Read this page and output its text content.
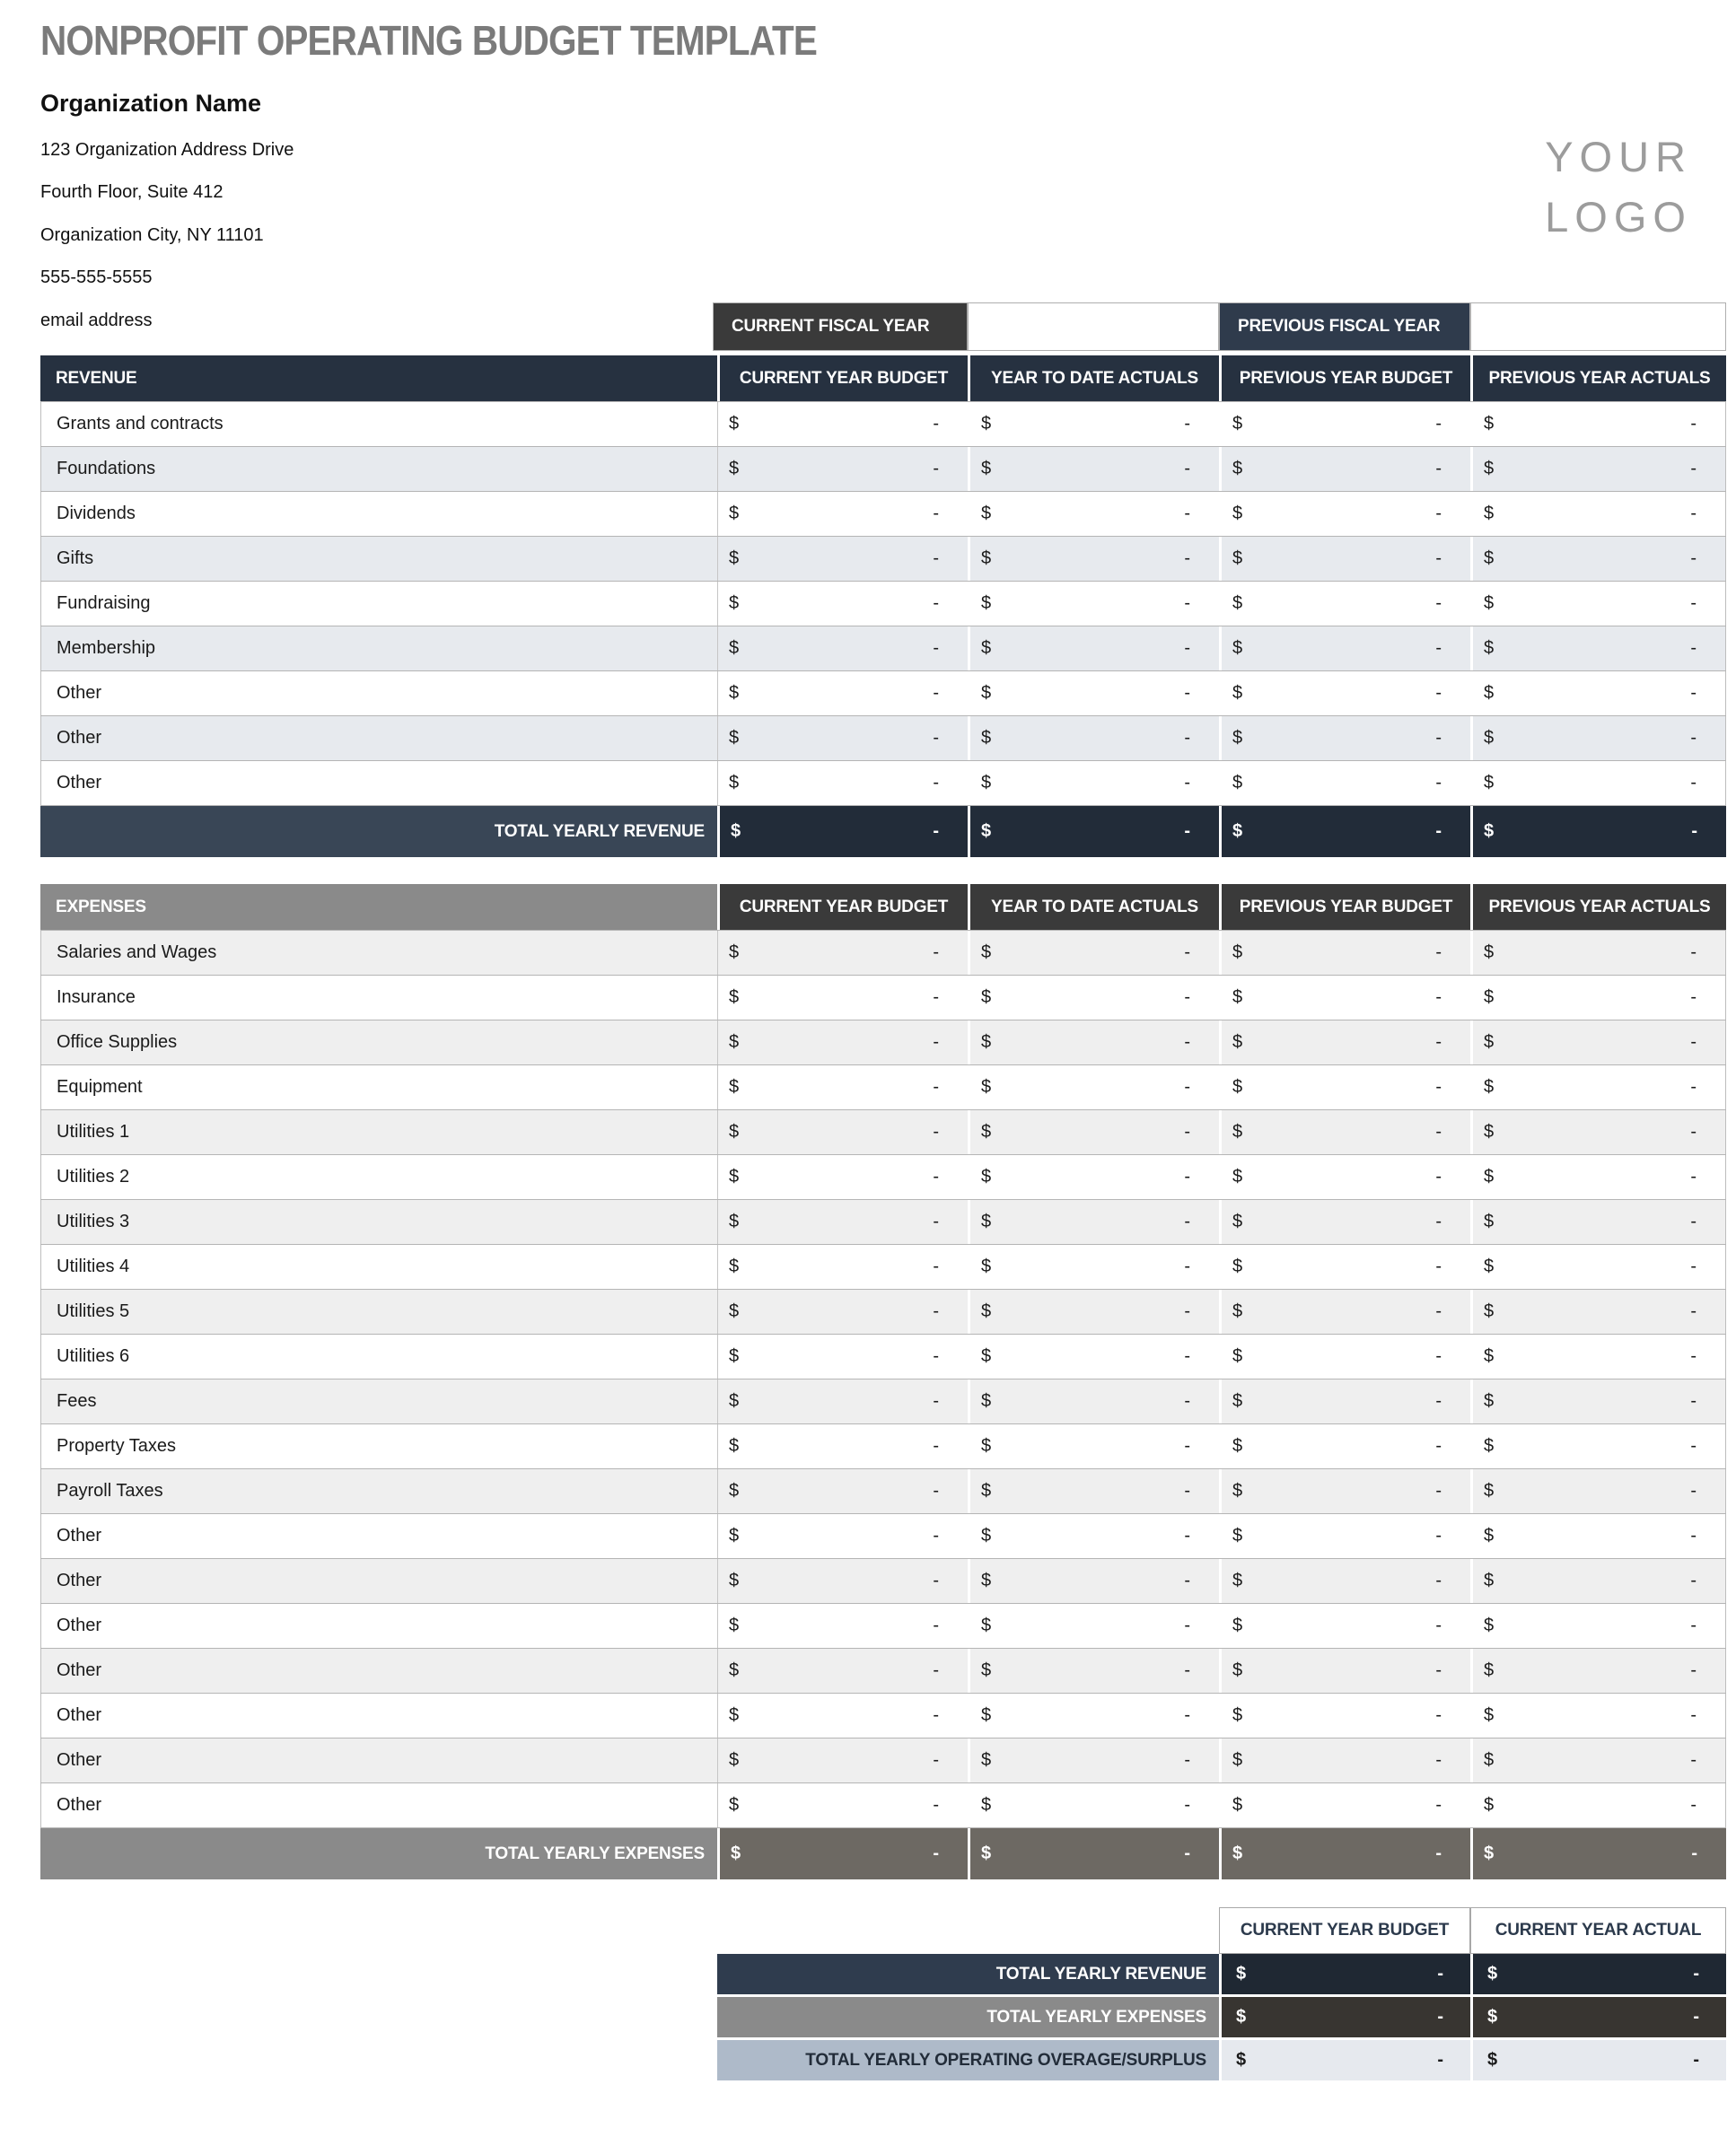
NONPROFIT OPERATING BUDGET TEMPLATE
Organization Name
123 Organization Address Drive
Fourth Floor, Suite 412
Organization City, NY 11101
555-555-5555
email address
YOUR
LOGO
CURRENT FISCAL YEAR	PREVIOUS FISCAL YEAR
REVENUE	CURRENT YEAR BUDGET	YEAR TO DATE ACTUALS	PREVIOUS YEAR BUDGET	PREVIOUS YEAR ACTUALS
Grants and contracts	$	- $	- $	- $	-
Foundations	$	- $	- $	- $	-
Dividends	$	- $	- $	- $	-
Gifts	$	- $	- $	- $	-
Fundraising	$	- $	- $	- $	-
Membership	$	- $	- $	- $	-
Other	$	- $	- $	- $	-
Other	$	- $	- $	- $	-
Other	$	- $	- $	- $	-
TOTAL YEARLY REVENUE	$	- $	- $	- $	-
EXPENSES	CURRENT YEAR BUDGET	YEAR TO DATE ACTUALS	PREVIOUS YEAR BUDGET	PREVIOUS YEAR ACTUALS
Salaries and Wages	$	- $	- $	- $	-
Insurance	$	- $	- $	- $	-
Office Supplies	$	- $	- $	- $	-
Equipment	$	- $	- $	- $	-
Utilities 1	$	- $	- $	- $	-
Utilities 2	$	- $	- $	- $	-
Utilities 3	$	- $	- $	- $	-
Utilities 4	$	- $	- $	- $	-
Utilities 5	$	- $	- $	- $	-
Utilities 6	$	- $	- $	- $	-
Fees	$	- $	- $	- $	-
Property Taxes	$	- $	- $	- $	-
Payroll Taxes	$	- $	- $	- $	-
Other	$	- $	- $	- $	-
Other	$	- $	- $	- $	-
Other	$	- $	- $	- $	-
Other	$	- $	- $	- $	-
Other	$	- $	- $	- $	-
Other	$	- $	- $	- $	-
Other	$	- $	- $	- $	-
TOTAL YEARLY EXPENSES	$	- $	- $	- $	-
CURRENT YEAR BUDGET	CURRENT YEAR ACTUAL
TOTAL YEARLY REVENUE	$	- $	-
TOTAL YEARLY EXPENSES	$	- $	-
TOTAL YEARLY OPERATING OVERAGE/SURPLUS	$	- $	-
